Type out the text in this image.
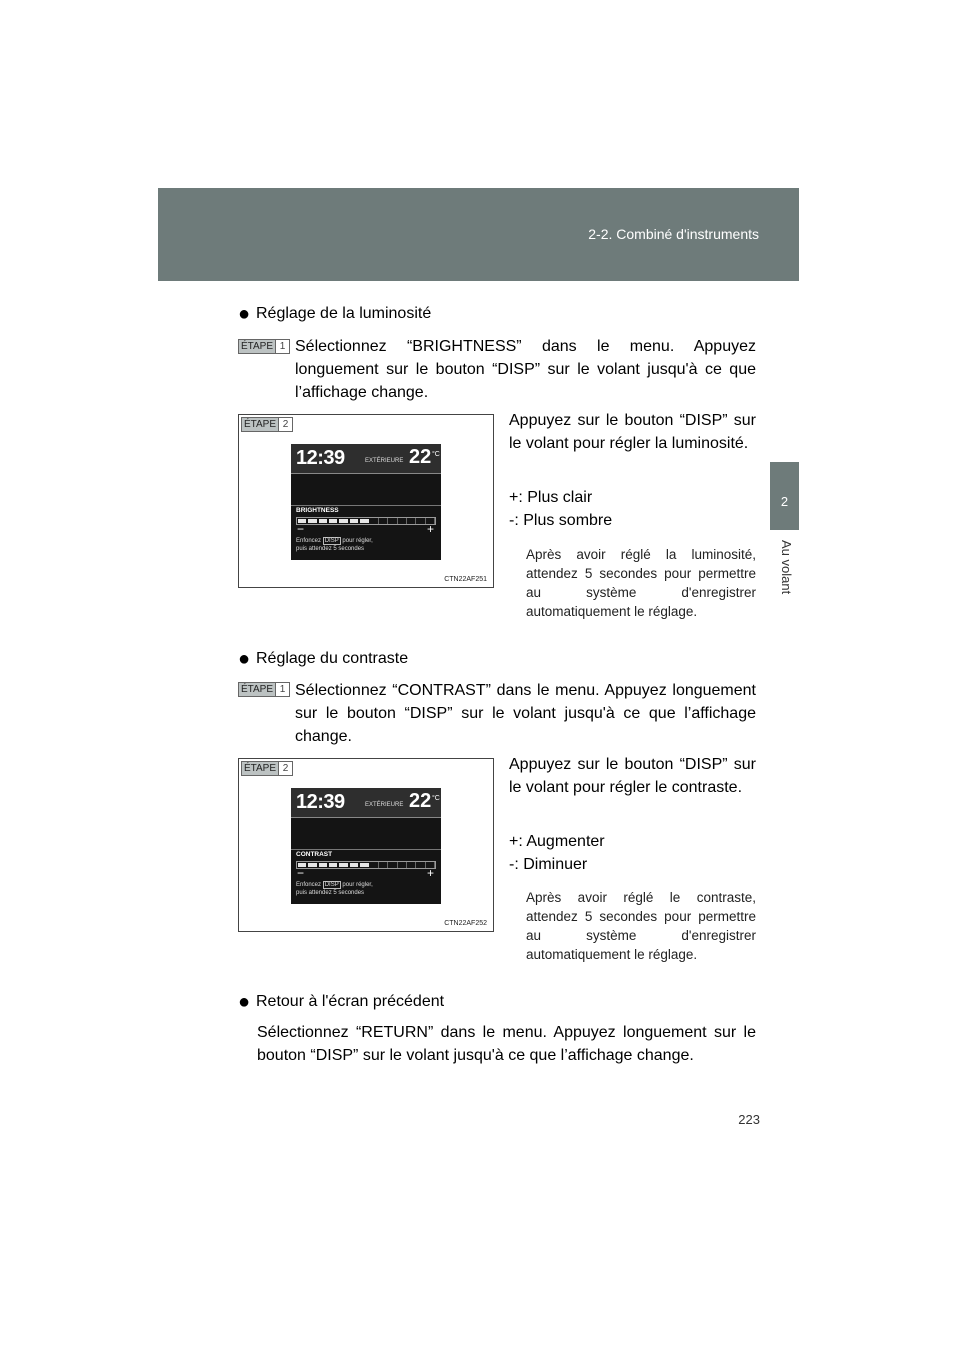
2-2. Combiné d'instruments
2
Au volant
● Réglage de la luminosité
ÉTAPE 1 Sélectionnez “BRIGHTNESS” dans le menu. Appuyez longuement sur le bouton “DISP” sur le volant jusqu'à ce que l’affichage change.
ÉTAPE 2
12:39	EXTÉRIEURE 22 °C
BRIGHTNESS
−	+
Enfoncez DISP pour régler,
puis attendez 5 secondes
CTN22AF251
Appuyez sur le bouton “DISP” sur le volant pour régler la luminosité.
+: Plus clair
-: Plus sombre
Après avoir réglé la luminosité, attendez 5 secondes pour permettre au système d'enregistrer automatiquement le réglage.
● Réglage du contraste
ÉTAPE 1 Sélectionnez “CONTRAST” dans le menu. Appuyez longuement sur le bouton “DISP” sur le volant jusqu'à ce que l’affichage change.
ÉTAPE 2
12:39	EXTÉRIEURE 22 °C
CONTRAST
−	+
Enfoncez DISP pour régler,
puis attendez 5 secondes
CTN22AF252
Appuyez sur le bouton “DISP” sur le volant pour régler le contraste.
+: Augmenter
-: Diminuer
Après avoir réglé le contraste, attendez 5 secondes pour permettre au système d'enregistrer automatiquement le réglage.
● Retour à l'écran précédent
Sélectionnez “RETURN” dans le menu. Appuyez longuement sur le bouton “DISP” sur le volant jusqu'à ce que l’affichage change.
223
